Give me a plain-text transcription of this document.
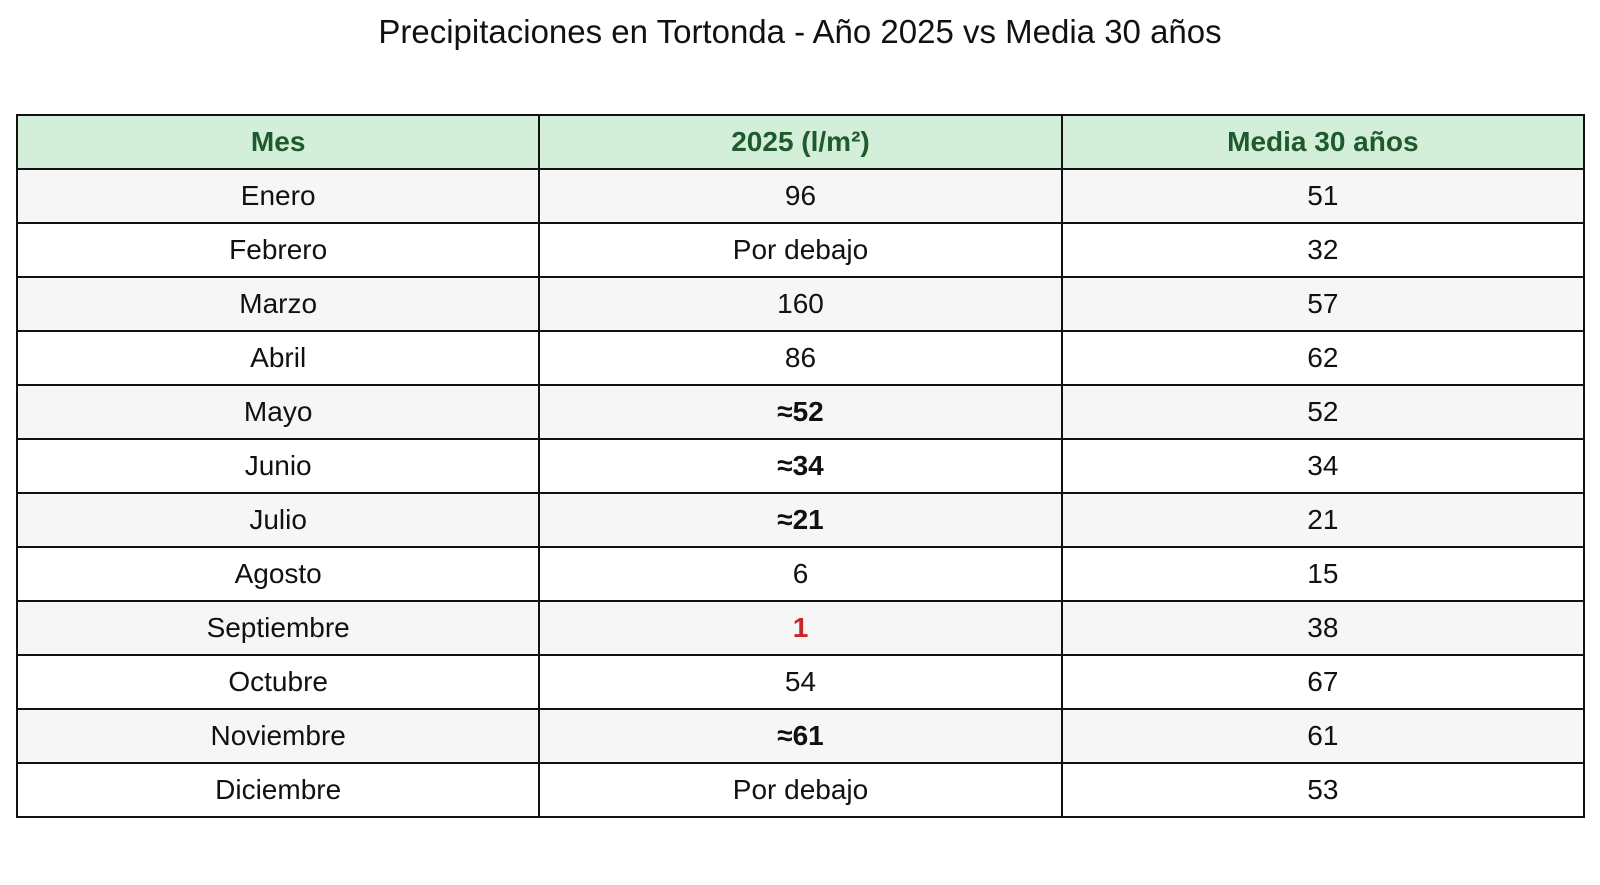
Precipitaciones en Tortonda - Año 2025 vs Media 30 años
Mes	2025 (l/m²)	Media 30 años
Enero	96	51
Febrero	Por debajo	32
Marzo	160	57
Abril	86	62
Mayo	≈52	52
Junio	≈34	34
Julio	≈21	21
Agosto	6	15
Septiembre	1	38
Octubre	54	67
Noviembre	≈61	61
Diciembre	Por debajo	53
